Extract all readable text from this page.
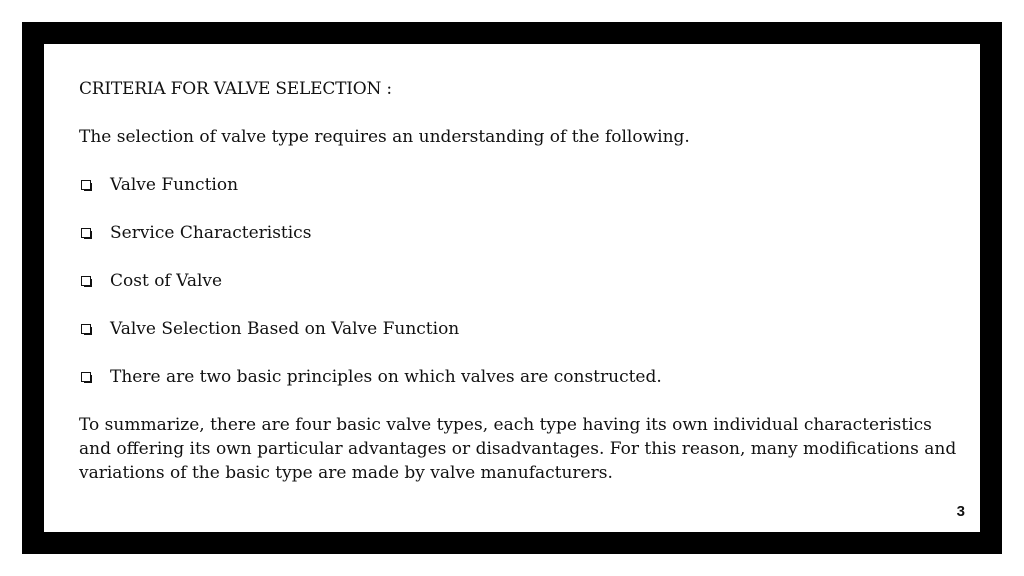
CRITERIA FOR VALVE SELECTION :

The selection of valve type requires an understanding of the following.

Valve Function
Service Characteristics
Cost of Valve
Valve Selection Based on Valve Function
There are two basic principles on which valves are constructed.

To summarize, there are four basic valve types, each type having its own individual characteristics and offering its own particular advantages or disadvantages. For this reason, many modifications and variations of the basic type are made by valve manufacturers.

3
